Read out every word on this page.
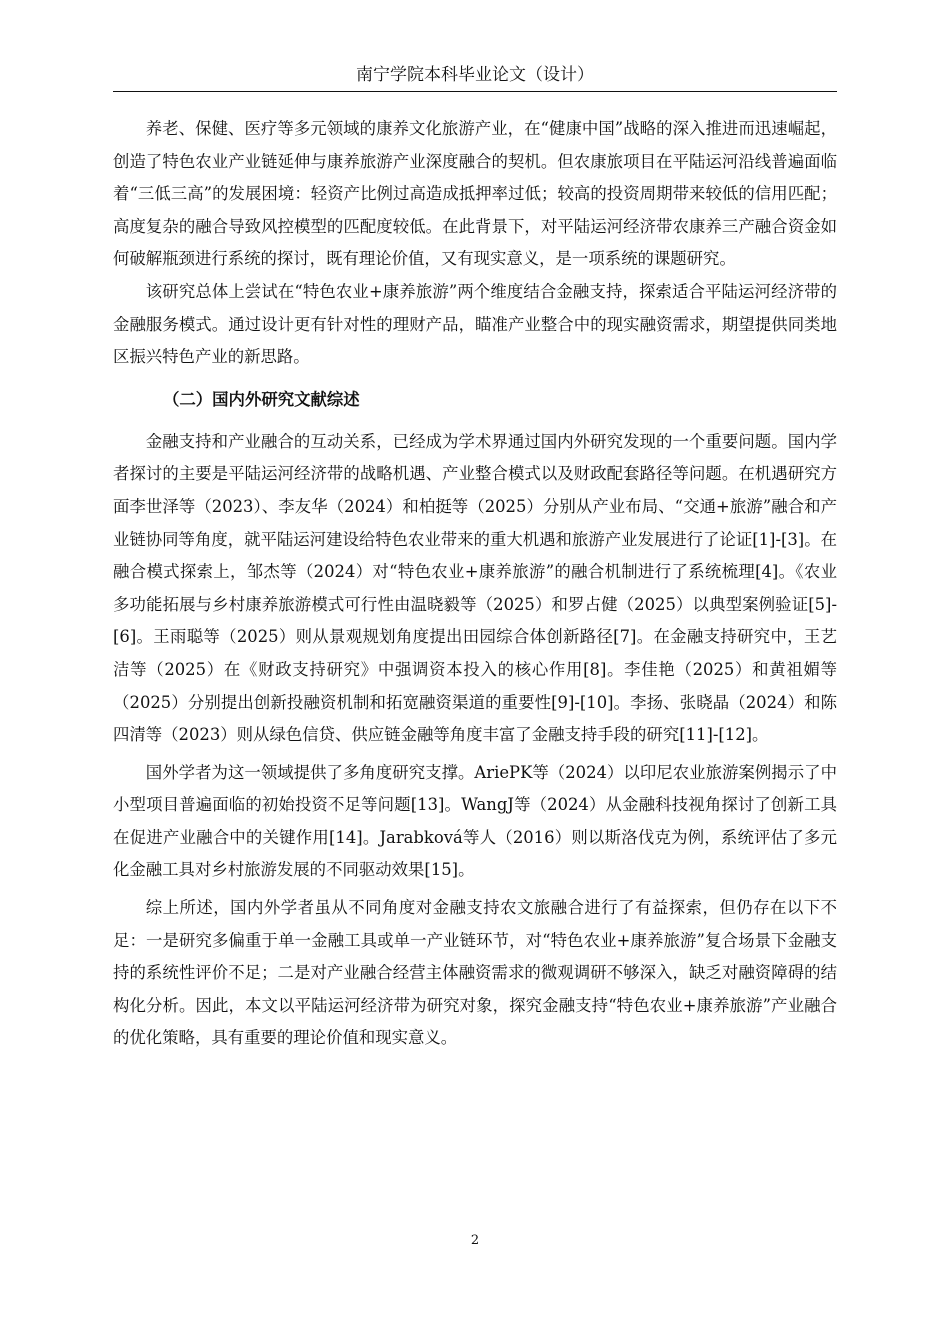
南宁学院本科毕业论文（设计）

养老、保健、医疗等多元领域的康养文化旅游产业，在“健康中国”战略的深入推进而迅速崛起，创造了特色农业产业链延伸与康养旅游产业深度融合的契机。但农康旅项目在平陆运河沿线普遍面临着“三低三高”的发展困境：轻资产比例过高造成抵押率过低；较高的投资周期带来较低的信用匹配；高度复杂的融合导致风控模型的匹配度较低。在此背景下，对平陆运河经济带农康养三产融合资金如何破解瓶颈进行系统的探讨，既有理论价值，又有现实意义，是一项系统的课题研究。

该研究总体上尝试在“特色农业+康养旅游”两个维度结合金融支持，探索适合平陆运河经济带的金融服务模式。通过设计更有针对性的理财产品，瞄准产业整合中的现实融资需求，期望提供同类地区振兴特色产业的新思路。

（二）国内外研究文献综述

金融支持和产业融合的互动关系，已经成为学术界通过国内外研究发现的一个重要问题。国内学者探讨的主要是平陆运河经济带的战略机遇、产业整合模式以及财政配套路径等问题。在机遇研究方面李世泽等（2023）、李友华（2024）和柏挺等（2025）分别从产业布局、“交通+旅游”融合和产业链协同等角度，就平陆运河建设给特色农业带来的重大机遇和旅游产业发展进行了论证[1]-[3]。在融合模式探索上，邹杰等（2024）对“特色农业+康养旅游”的融合机制进行了系统梳理[4]。《农业多功能拓展与乡村康养旅游模式可行性由温晓毅等（2025）和罗占健（2025）以典型案例验证[5]-[6]。王雨聪等（2025）则从景观规划角度提出田园综合体创新路径[7]。在金融支持研究中，王艺洁等（2025）在《财政支持研究》中强调资本投入的核心作用[8]。李佳艳（2025）和黄祖媚等（2025）分别提出创新投融资机制和拓宽融资渠道的重要性[9]-[10]。李扬、张晓晶（2024）和陈四清等（2023）则从绿色信贷、供应链金融等角度丰富了金融支持手段的研究[11]-[12]。

国外学者为这一领域提供了多角度研究支撑。AriePK等（2024）以印尼农业旅游案例揭示了中小型项目普遍面临的初始投资不足等问题[13]。WangJ等（2024）从金融科技视角探讨了创新工具在促进产业融合中的关键作用[14]。Jarabková等人（2016）则以斯洛伐克为例，系统评估了多元化金融工具对乡村旅游发展的不同驱动效果[15]。

综上所述，国内外学者虽从不同角度对金融支持农文旅融合进行了有益探索，但仍存在以下不足：一是研究多偏重于单一金融工具或单一产业链环节，对“特色农业+康养旅游”复合场景下金融支持的系统性评价不足；二是对产业融合经营主体融资需求的微观调研不够深入，缺乏对融资障碍的结构化分析。因此，本文以平陆运河经济带为研究对象，探究金融支持“特色农业+康养旅游”产业融合的优化策略，具有重要的理论价值和现实意义。

2
